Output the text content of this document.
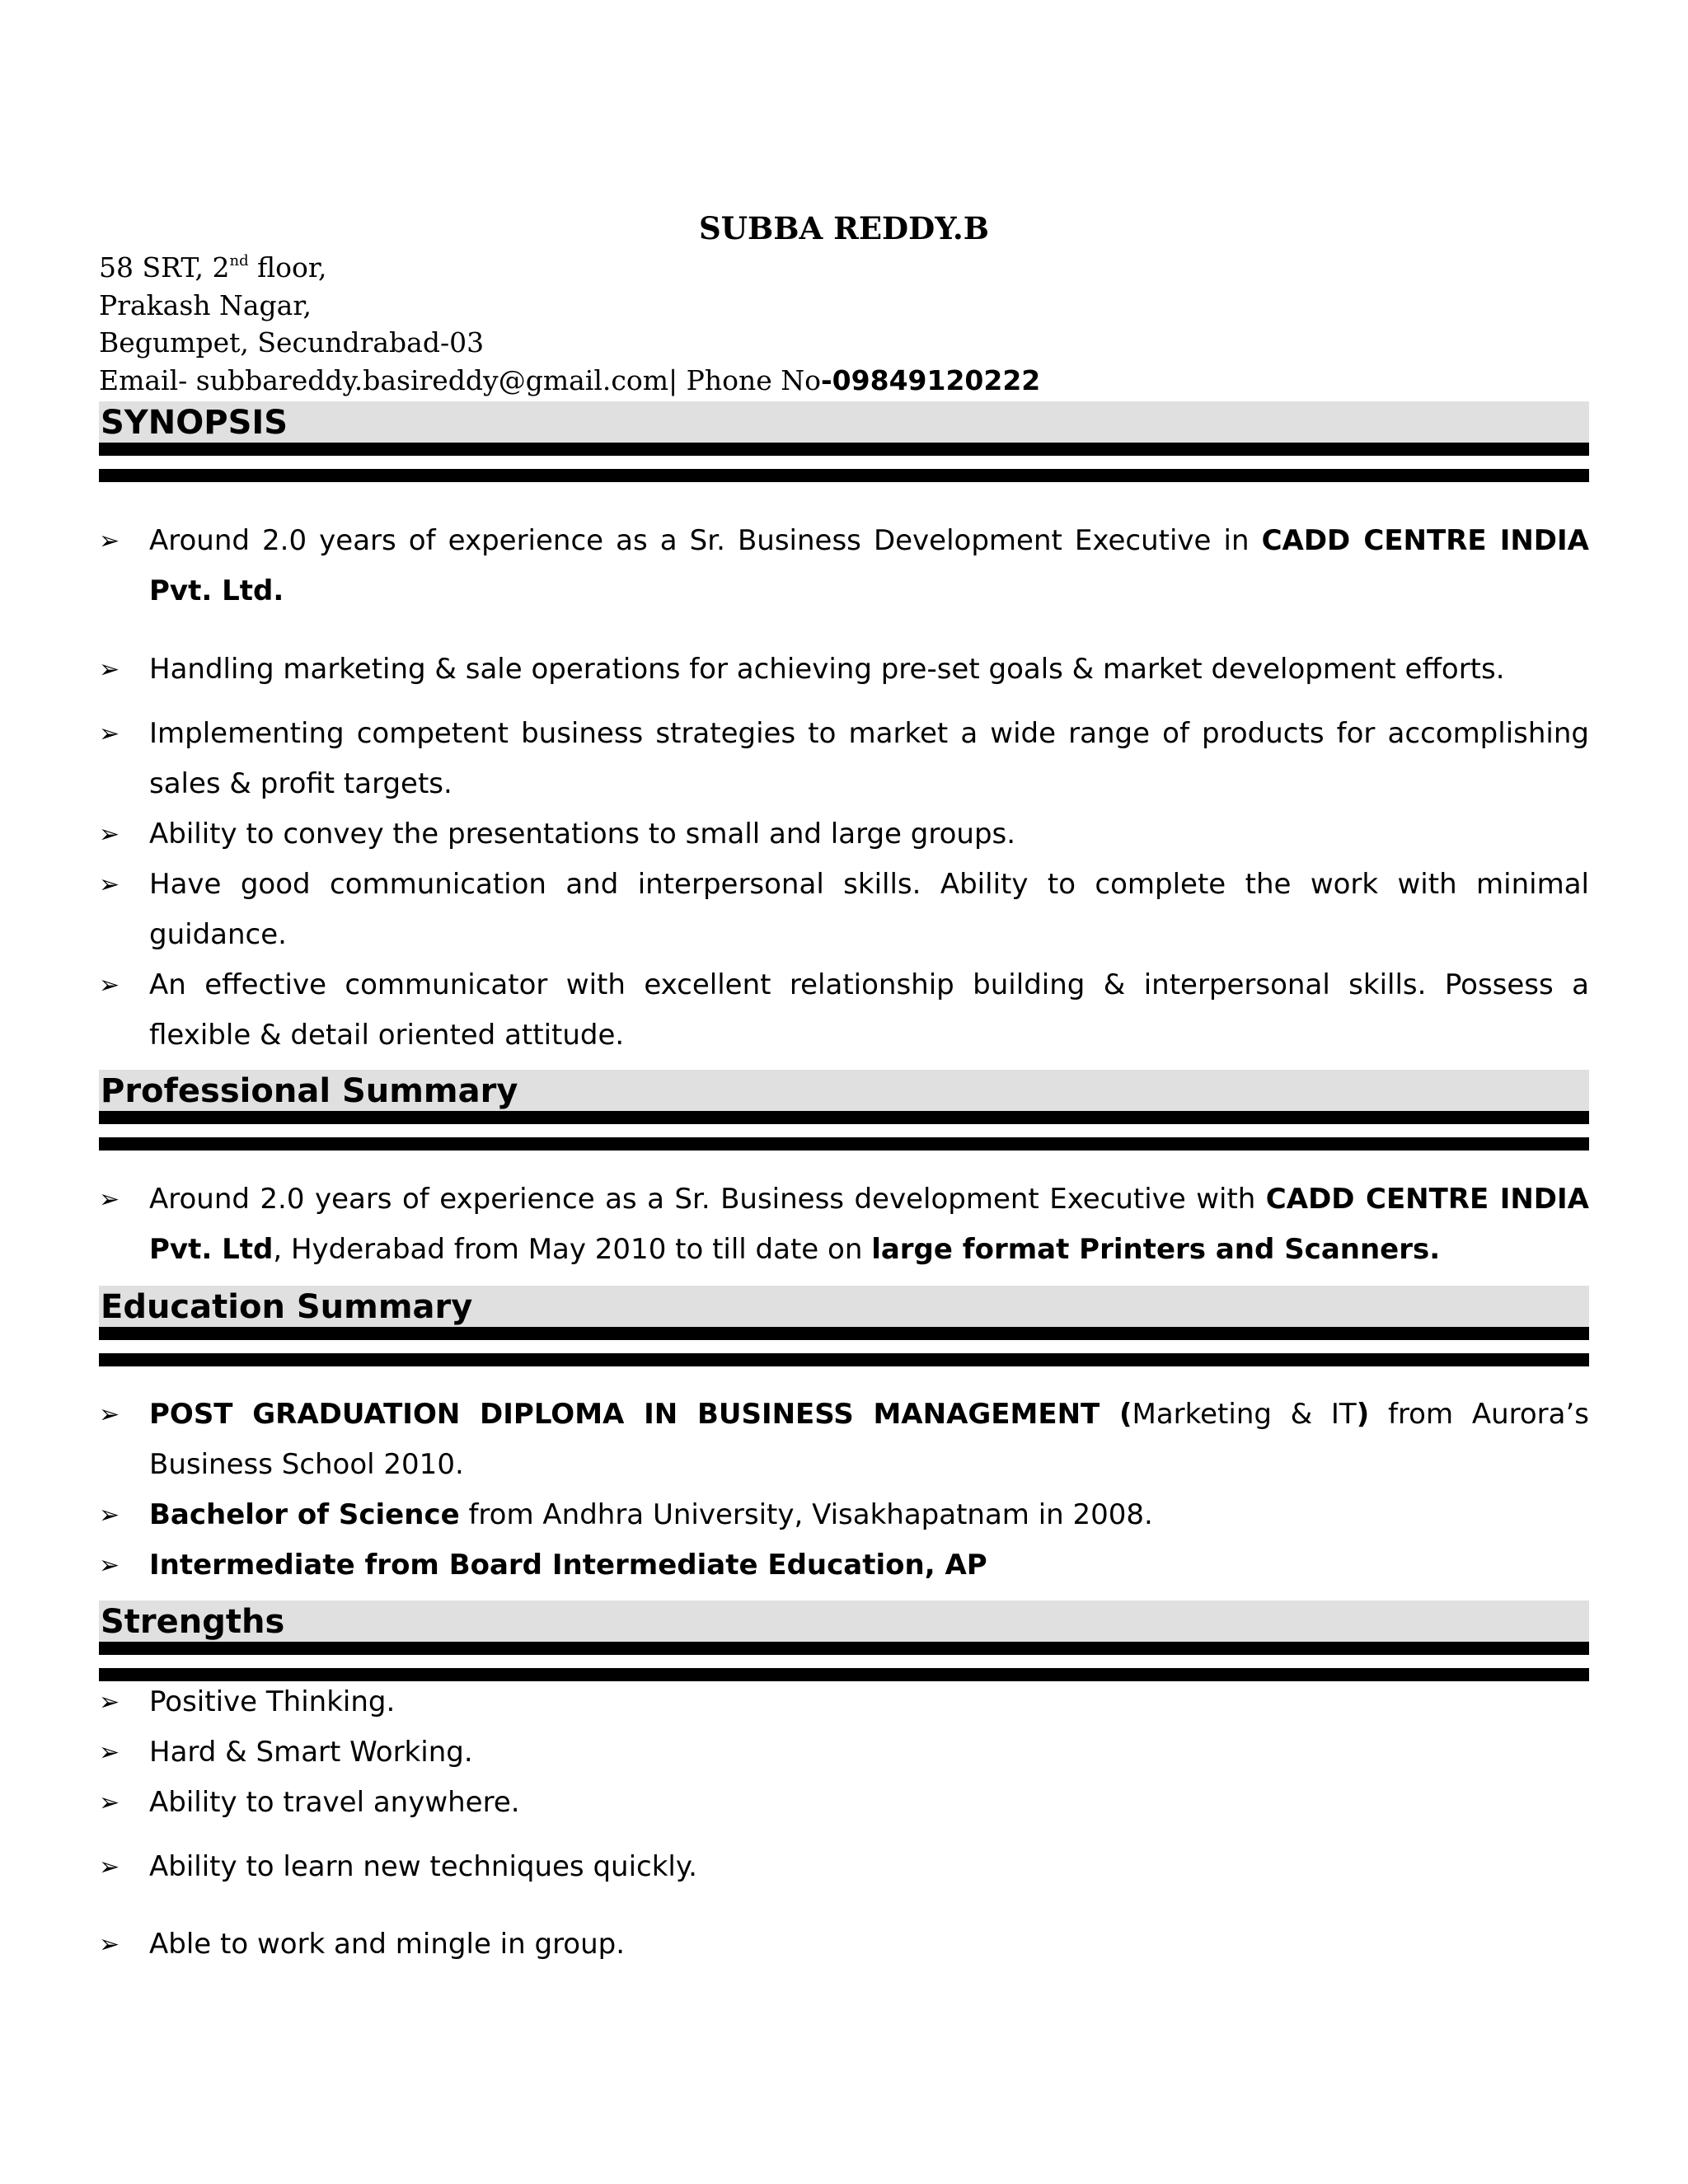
SUBBA REDDY.B
58 SRT, 2nd floor,
Prakash Nagar,
Begumpet, Secundrabad-03
Email- subbareddy.basireddy@gmail.com| Phone No-09849120222
SYNOPSIS
➢ Around 2.0 years of experience as a Sr. Business Development Executive in CADD CENTRE INDIA Pvt. Ltd.
➢ Handling marketing & sale operations for achieving pre-set goals & market development efforts.
➢ Implementing competent business strategies to market a wide range of products for accomplishing sales & profit targets.
➢ Ability to convey the presentations to small and large groups.
➢ Have good communication and interpersonal skills. Ability to complete the work with minimal guidance.
➢ An effective communicator with excellent relationship building & interpersonal skills. Possess a flexible & detail oriented attitude.
Professional Summary
➢ Around 2.0 years of experience as a Sr. Business development Executive with CADD CENTRE INDIA Pvt. Ltd, Hyderabad from May 2010 to till date on large format Printers and Scanners.
Education Summary
➢ POST GRADUATION DIPLOMA IN BUSINESS MANAGEMENT (Marketing & IT) from Aurora’s Business School 2010.
➢ Bachelor of Science from Andhra University, Visakhapatnam in 2008.
➢ Intermediate from Board Intermediate Education, AP
Strengths
➢ Positive Thinking.
➢ Hard & Smart Working.
➢ Ability to travel anywhere.
➢ Ability to learn new techniques quickly.
➢ Able to work and mingle in group.
